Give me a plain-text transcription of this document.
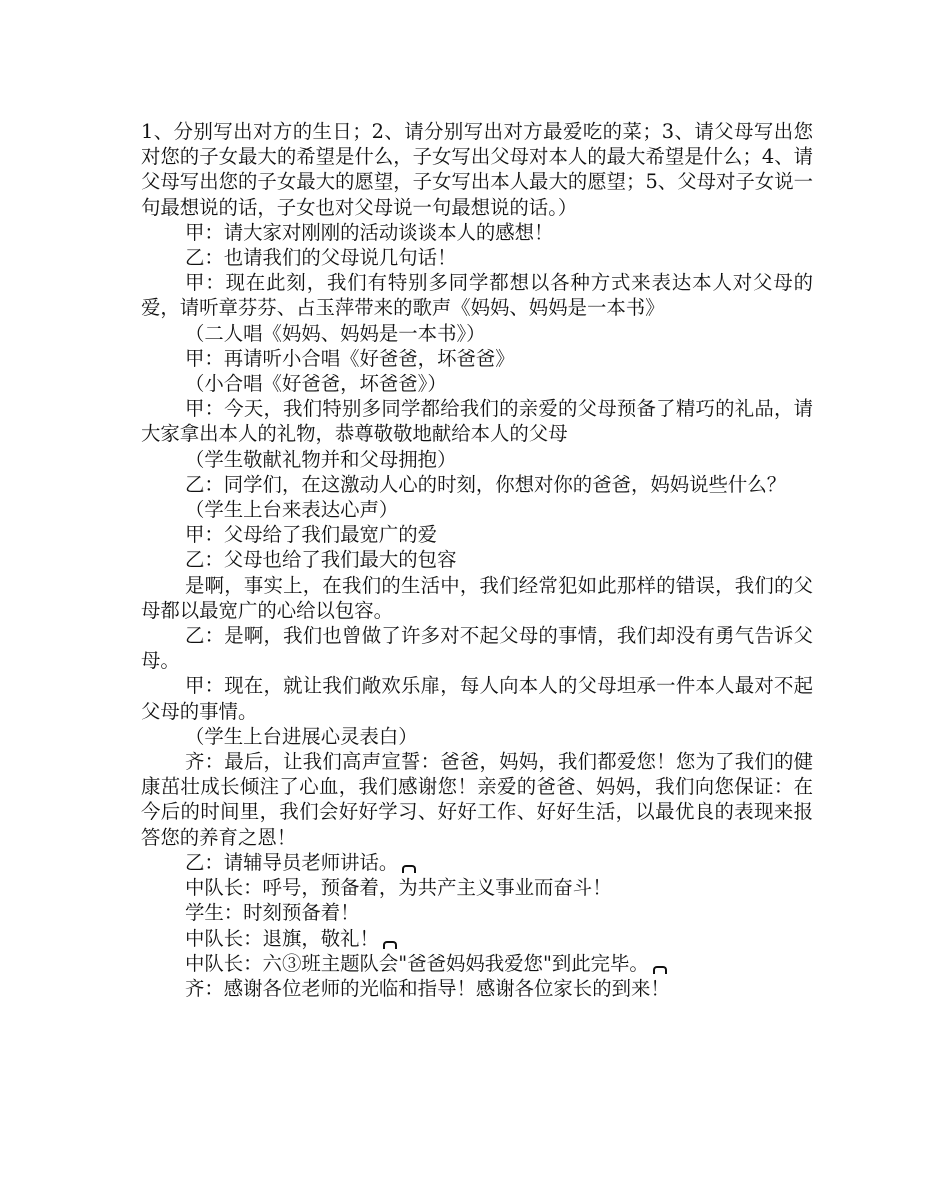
1、分别写出对方的生日；2、请分别写出对方最爱吃的菜；3、请父母写出您对您的子女最大的希望是什么，子女写出父母对本人的最大希望是什么；4、请父母写出您的子女最大的愿望，子女写出本人最大的愿望；5、父母对子女说一句最想说的话，子女也对父母说一句最想说的话。）

甲：请大家对刚刚的活动谈谈本人的感想！

乙：也请我们的父母说几句话！

甲：现在此刻，我们有特别多同学都想以各种方式来表达本人对父母的爱，请听章芬芬、占玉萍带来的歌声《妈妈、妈妈是一本书》

（二人唱《妈妈、妈妈是一本书》）

甲：再请听小合唱《好爸爸，坏爸爸》

（小合唱《好爸爸，坏爸爸》）

甲：今天，我们特别多同学都给我们的亲爱的父母预备了精巧的礼品，请大家拿出本人的礼物，恭尊敬敬地献给本人的父母

（学生敬献礼物并和父母拥抱）

乙：同学们，在这激动人心的时刻，你想对你的爸爸，妈妈说些什么？

（学生上台来表达心声）

甲：父母给了我们最宽广的爱

乙：父母也给了我们最大的包容

是啊，事实上，在我们的生活中，我们经常犯如此那样的错误，我们的父母都以最宽广的心给以包容。

乙：是啊，我们也曾做了许多对不起父母的事情，我们却没有勇气告诉父母。

甲：现在，就让我们敞欢乐扉，每人向本人的父母坦承一件本人最对不起父母的事情。

（学生上台进展心灵表白）

齐：最后，让我们高声宣誓：爸爸，妈妈，我们都爱您！您为了我们的健康茁壮成长倾注了心血，我们感谢您！亲爱的爸爸、妈妈，我们向您保证：在今后的时间里，我们会好好学习、好好工作、好好生活，以最优良的表现来报答您的养育之恩！

乙：请辅导员老师讲话。

中队长：呼号，预备着，为共产主义事业而奋斗！

学生：时刻预备着！

中队长：退旗，敬礼！

中队长：六③班主题队会"爸爸妈妈我爱您"到此完毕。

齐：感谢各位老师的光临和指导！感谢各位家长的到来！
